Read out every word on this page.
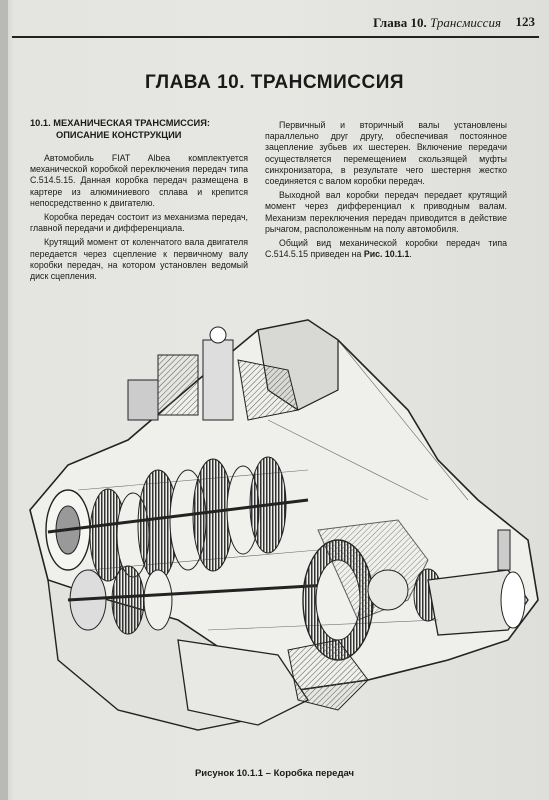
Глава 10. Трансмиссия 123
ГЛАВА 10. ТРАНСМИССИЯ
10.1. МЕХАНИЧЕСКАЯ ТРАНСМИССИЯ:
ОПИСАНИЕ КОНСТРУКЦИИ

Автомобиль FIAT Albea комплектуется механической коробкой переключения передач типа С.514.5.15. Данная коробка передач размещена в картере из алюминиевого сплава и крепится непосредственно к двигателю.

Коробка передач состоит из механизма передач, главной передачи и дифференциала.

Крутящий момент от коленчатого вала двигателя передается через сцепление к первичному валу коробки передач, на котором установлен ведомый диск сцепления.

Первичный и вторичный валы установлены параллельно друг другу, обеспечивая постоянное зацепление зубьев их шестерен. Включение передачи осуществляется перемещением скользящей муфты синхронизатора, в результате чего шестерня жестко соединяется с валом коробки передач.

Выходной вал коробки передач передает крутящий момент через дифференциал к приводным валам. Механизм переключения передач приводится в действие рычагом, расположенным на полу автомобиля.

Общий вид механической коробки передач типа С.514.5.15 приведен на Рис. 10.1.1.

Рисунок 10.1.1 – Коробка передач
